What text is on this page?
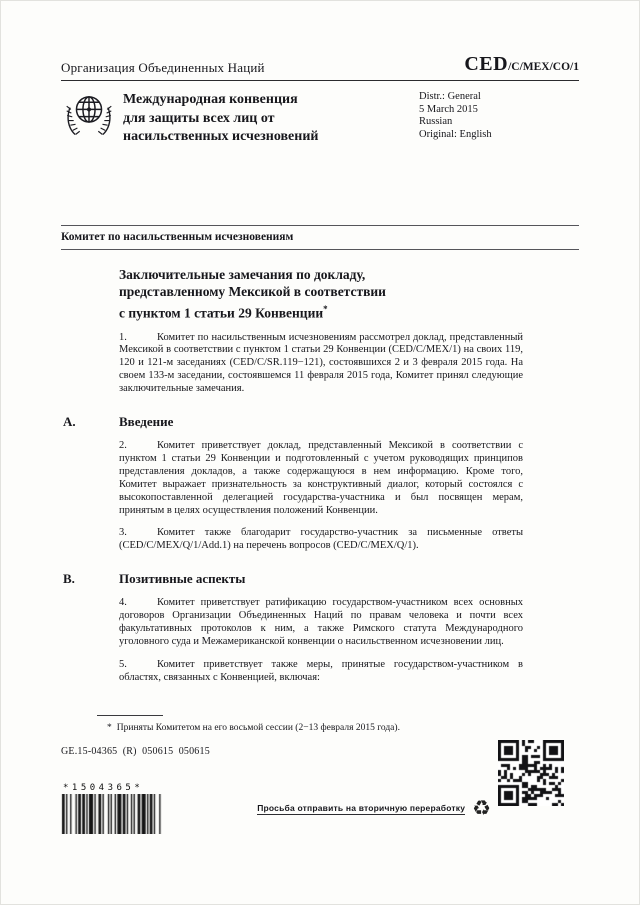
Организация Объединенных Наций	CED/C/MEX/CO/1
Международная конвенция
для защиты всех лиц от
насильственных исчезновений
Distr.: General
5 March 2015
Russian
Original: English
Комитет по насильственным исчезновениям
Заключительные замечания по докладу,
представленному Мексикой в соответствии
с пунктом 1 статьи 29 Конвенции*

1.	Комитет по насильственным исчезновениям рассмотрел доклад, представленный Мексикой в соответствии с пунктом 1 статьи 29 Конвенции (CED/C/MEX/1) на своих 119, 120 и 121-м заседаниях (CED/C/SR.119−121), состоявшихся 2 и 3 февраля 2015 года. На своем 133-м заседании, состоявшемся 11 февраля 2015 года, Комитет принял следующие заключительные замечания.

A.	Введение

2.	Комитет приветствует доклад, представленный Мексикой в соответствии с пунктом 1 статьи 29 Конвенции и подготовленный с учетом руководящих принципов представления докладов, а также содержащуюся в нем информацию. Кроме того, Комитет выражает признательность за конструктивный диалог, который состоялся с высокопоставленной делегацией государства-участника и был посвящен мерам, принятым в целях осуществления положений Конвенции.

3.	Комитет также благодарит государство-участник за письменные ответы (CED/C/MEX/Q/1/Add.1) на перечень вопросов (CED/C/MEX/Q/1).

B.	Позитивные аспекты

4.	Комитет приветствует ратификацию государством-участником всех основных договоров Организации Объединенных Наций по правам человека и почти всех факультативных протоколов к ним, а также Римского статута Международного уголовного суда и Межамериканской конвенции о насильственном исчезновении лиц.

5.	Комитет приветствует также меры, принятые государством-участником в областях, связанных с Конвенцией, включая:

* Приняты Комитетом на его восьмой сессии (2−13 февраля 2015 года).
GE.15-04365  (R)  050615  050615
*1504365*
Просьба отправить на вторичную переработку ♻
